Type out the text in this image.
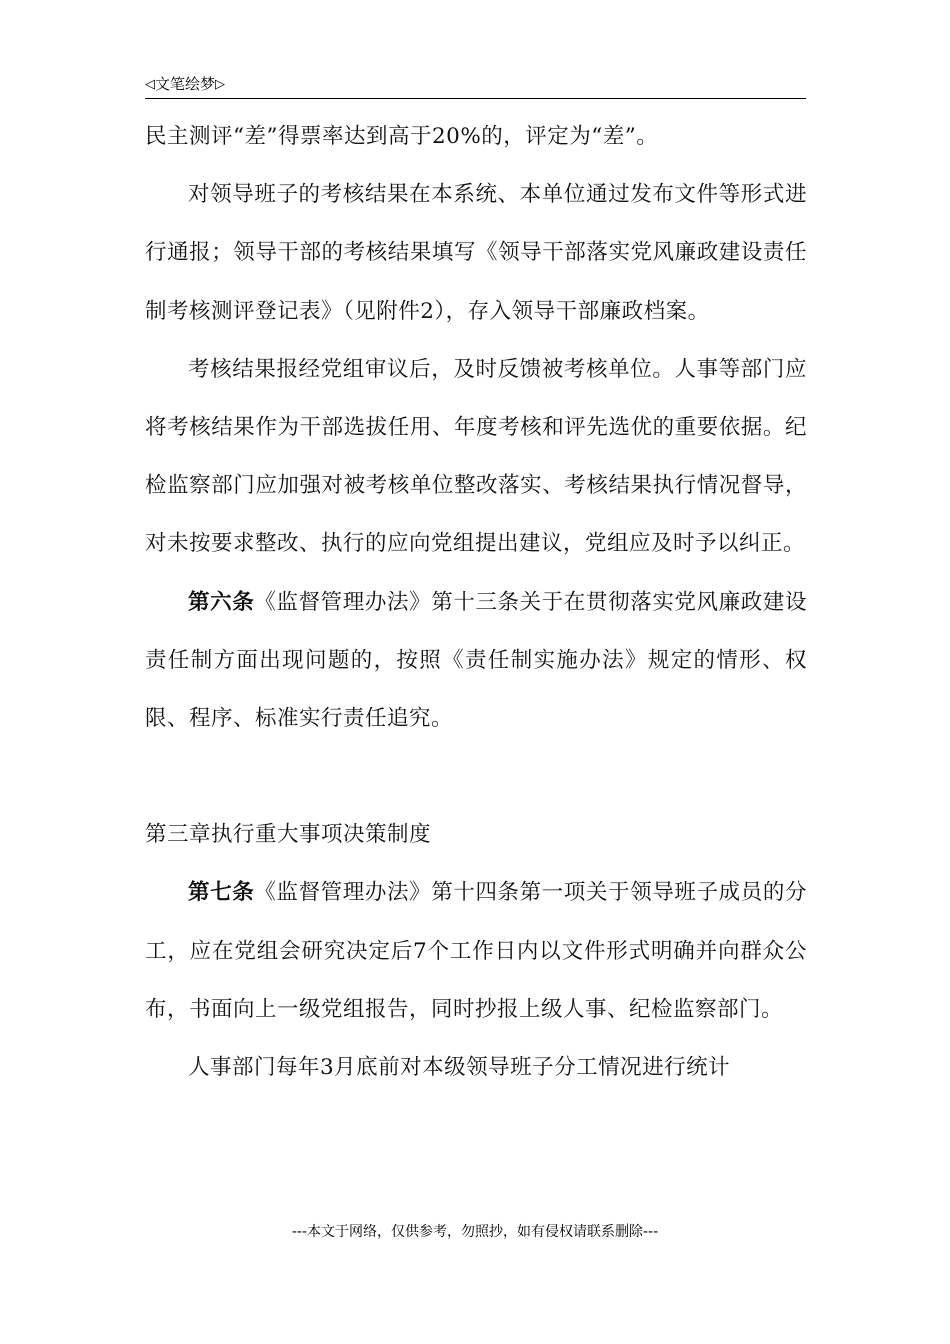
◁文笔绘梦▷

民主测评“差”得票率达到高于20%的，评定为“差”。

对领导班子的考核结果在本系统、本单位通过发布文件等形式进行通报；领导干部的考核结果填写《领导干部落实党风廉政建设责任制考核测评登记表》（见附件2），存入领导干部廉政档案。

考核结果报经党组审议后，及时反馈被考核单位。人事等部门应将考核结果作为干部选拔任用、年度考核和评先选优的重要依据。纪检监察部门应加强对被考核单位整改落实、考核结果执行情况督导，对未按要求整改、执行的应向党组提出建议，党组应及时予以纠正。

第六条《监督管理办法》第十三条关于在贯彻落实党风廉政建设责任制方面出现问题的，按照《责任制实施办法》规定的情形、权限、程序、标准实行责任追究。

第三章执行重大事项决策制度

第七条《监督管理办法》第十四条第一项关于领导班子成员的分工，应在党组会研究决定后7个工作日内以文件形式明确并向群众公布，书面向上一级党组报告，同时抄报上级人事、纪检监察部门。

人事部门每年3月底前对本级领导班子分工情况进行统计

---本文于网络，仅供参考，勿照抄，如有侵权请联系删除---
